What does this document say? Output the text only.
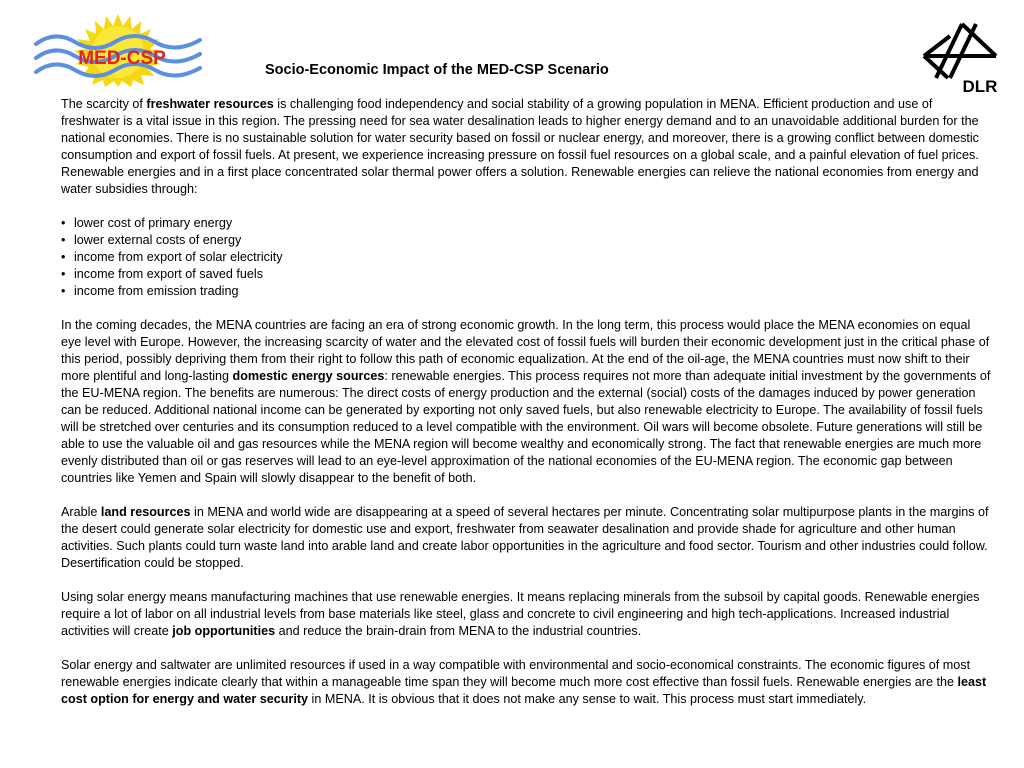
MED-CSP
DLR
Socio-Economic Impact of the MED-CSP Scenario

The scarcity of freshwater resources is challenging food independency and social stability of a growing population in MENA. Efficient production and use of freshwater is a vital issue in this region. The pressing need for sea water desalination leads to higher energy demand and to an unavoidable additional burden for the national economies. There is no sustainable solution for water security based on fossil or nuclear energy, and moreover, there is a growing conflict between domestic consumption and export of fossil fuels. At present, we experience increasing pressure on fossil fuel resources on a global scale, and a painful elevation of fuel prices. Renewable energies and in a first place concentrated solar thermal power offers a solution. Renewable energies can relieve the national economies from energy and water subsidies through:

• lower cost of primary energy
• lower external costs of energy
• income from export of solar electricity
• income from export of saved fuels
• income from emission trading

In the coming decades, the MENA countries are facing an era of strong economic growth. In the long term, this process would place the MENA economies on equal eye level with Europe. However, the increasing scarcity of water and the elevated cost of fossil fuels will burden their economic development just in the critical phase of this period, possibly depriving them from their right to follow this path of economic equalization. At the end of the oil-age, the MENA countries must now shift to their more plentiful and long-lasting domestic energy sources: renewable energies. This process requires not more than adequate initial investment by the governments of the EU-MENA region. The benefits are numerous: The direct costs of energy production and the external (social) costs of the damages induced by power generation can be reduced. Additional national income can be generated by exporting not only saved fuels, but also renewable electricity to Europe. The availability of fossil fuels will be stretched over centuries and its consumption reduced to a level compatible with the environment. Oil wars will become obsolete. Future generations will still be able to use the valuable oil and gas resources while the MENA region will become wealthy and economically strong. The fact that renewable energies are much more evenly distributed than oil or gas reserves will lead to an eye-level approximation of the national economies of the EU-MENA region. The economic gap between countries like Yemen and Spain will slowly disappear to the benefit of both.

Arable land resources in MENA and world wide are disappearing at a speed of several hectares per minute. Concentrating solar multipurpose plants in the margins of the desert could generate solar electricity for domestic use and export, freshwater from seawater desalination and provide shade for agriculture and other human activities. Such plants could turn waste land into arable land and create labor opportunities in the agriculture and food sector. Tourism and other industries could follow. Desertification could be stopped.

Using solar energy means manufacturing machines that use renewable energies. It means replacing minerals from the subsoil by capital goods. Renewable energies require a lot of labor on all industrial levels from base materials like steel, glass and concrete to civil engineering and high tech-applications. Increased industrial activities will create job opportunities and reduce the brain-drain from MENA to the industrial countries.

Solar energy and saltwater are unlimited resources if used in a way compatible with environmental and socio-economical constraints. The economic figures of most renewable energies indicate clearly that within a manageable time span they will become much more cost effective than fossil fuels. Renewable energies are the least cost option for energy and water security in MENA. It is obvious that it does not make any sense to wait. This process must start immediately.
